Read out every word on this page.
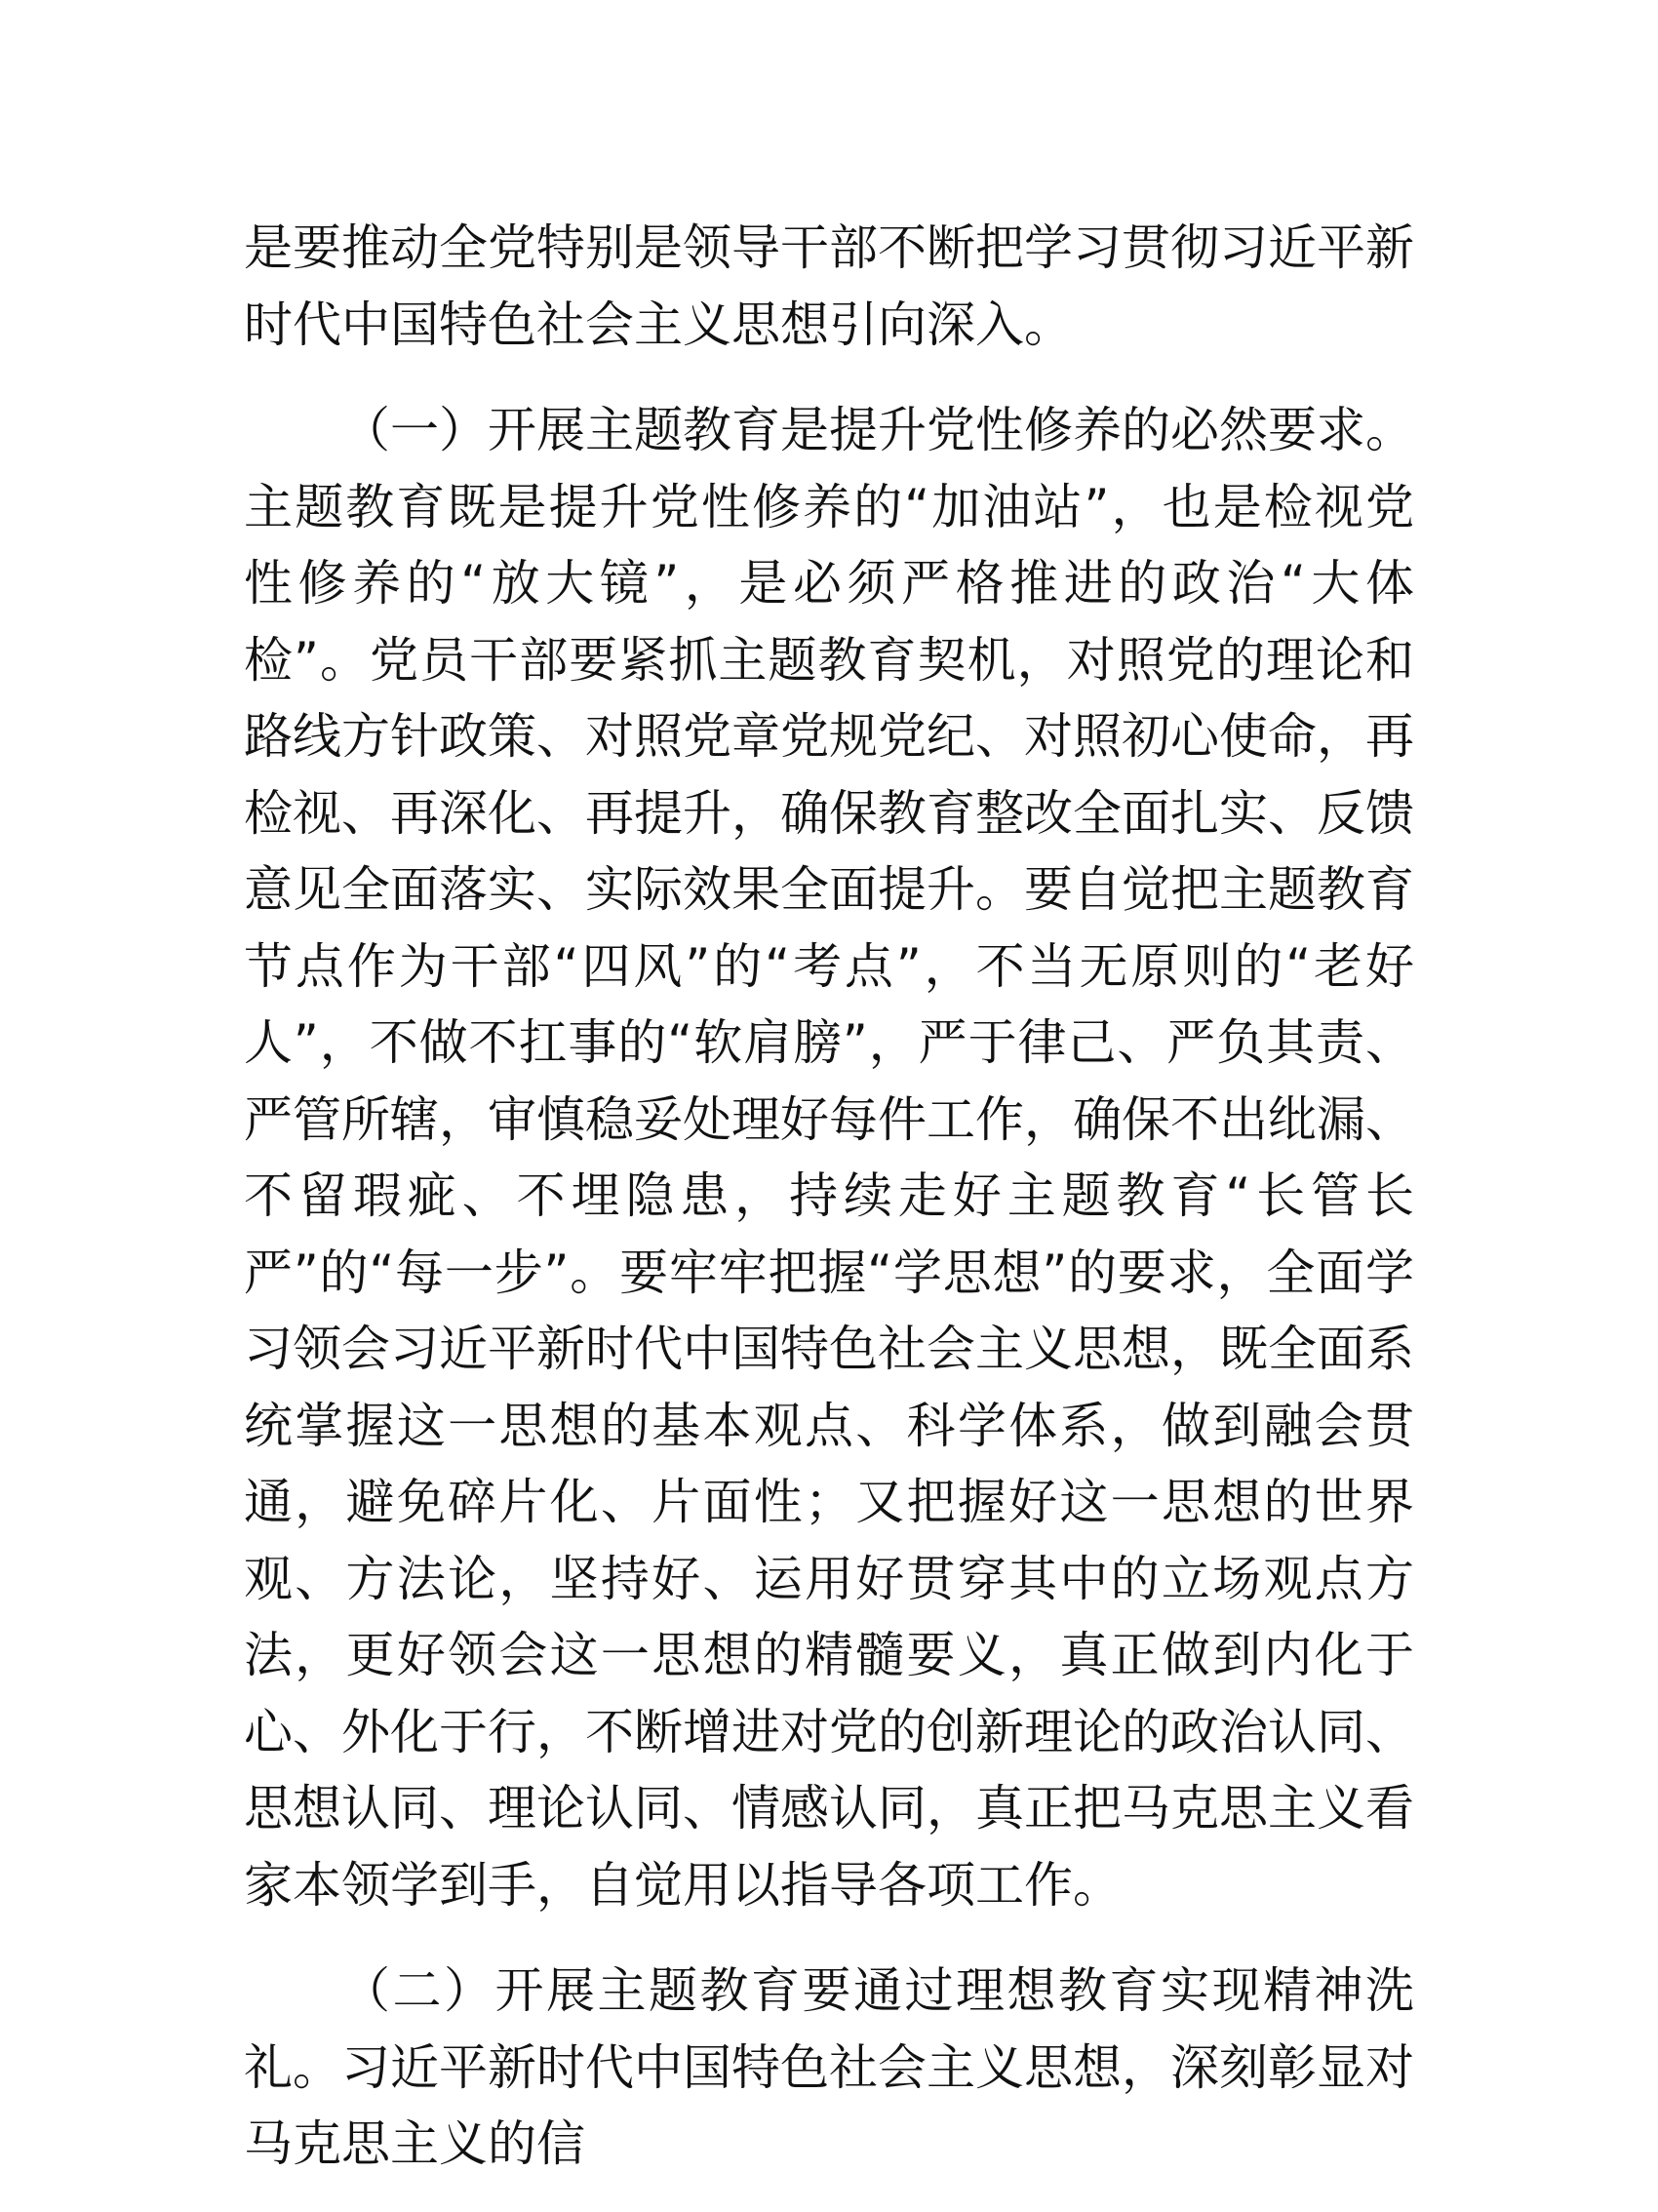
是要推动全党特别是领导干部不断把学习贯彻习近平新时代中国特色社会主义思想引向深入。

（一）开展主题教育是提升党性修养的必然要求。主题教育既是提升党性修养的“加油站”，也是检视党性修养的“放大镜”，是必须严格推进的政治“大体检”。党员干部要紧抓主题教育契机，对照党的理论和路线方针政策、对照党章党规党纪、对照初心使命，再检视、再深化、再提升，确保教育整改全面扎实、反馈意见全面落实、实际效果全面提升。要自觉把主题教育节点作为干部“四风”的“考点”，不当无原则的“老好人”，不做不扛事的“软肩膀”，严于律己、严负其责、严管所辖，审慎稳妥处理好每件工作，确保不出纰漏、不留瑕疵、不埋隐患，持续走好主题教育“长管长严”的“每一步”。要牢牢把握“学思想”的要求，全面学习领会习近平新时代中国特色社会主义思想，既全面系统掌握这一思想的基本观点、科学体系，做到融会贯通，避免碎片化、片面性；又把握好这一思想的世界观、方法论，坚持好、运用好贯穿其中的立场观点方法，更好领会这一思想的精髓要义，真正做到内化于心、外化于行，不断增进对党的创新理论的政治认同、思想认同、理论认同、情感认同，真正把马克思主义看家本领学到手，自觉用以指导各项工作。

（二）开展主题教育要通过理想教育实现精神洗礼。习近平新时代中国特色社会主义思想，深刻彰显对马克思主义的信
